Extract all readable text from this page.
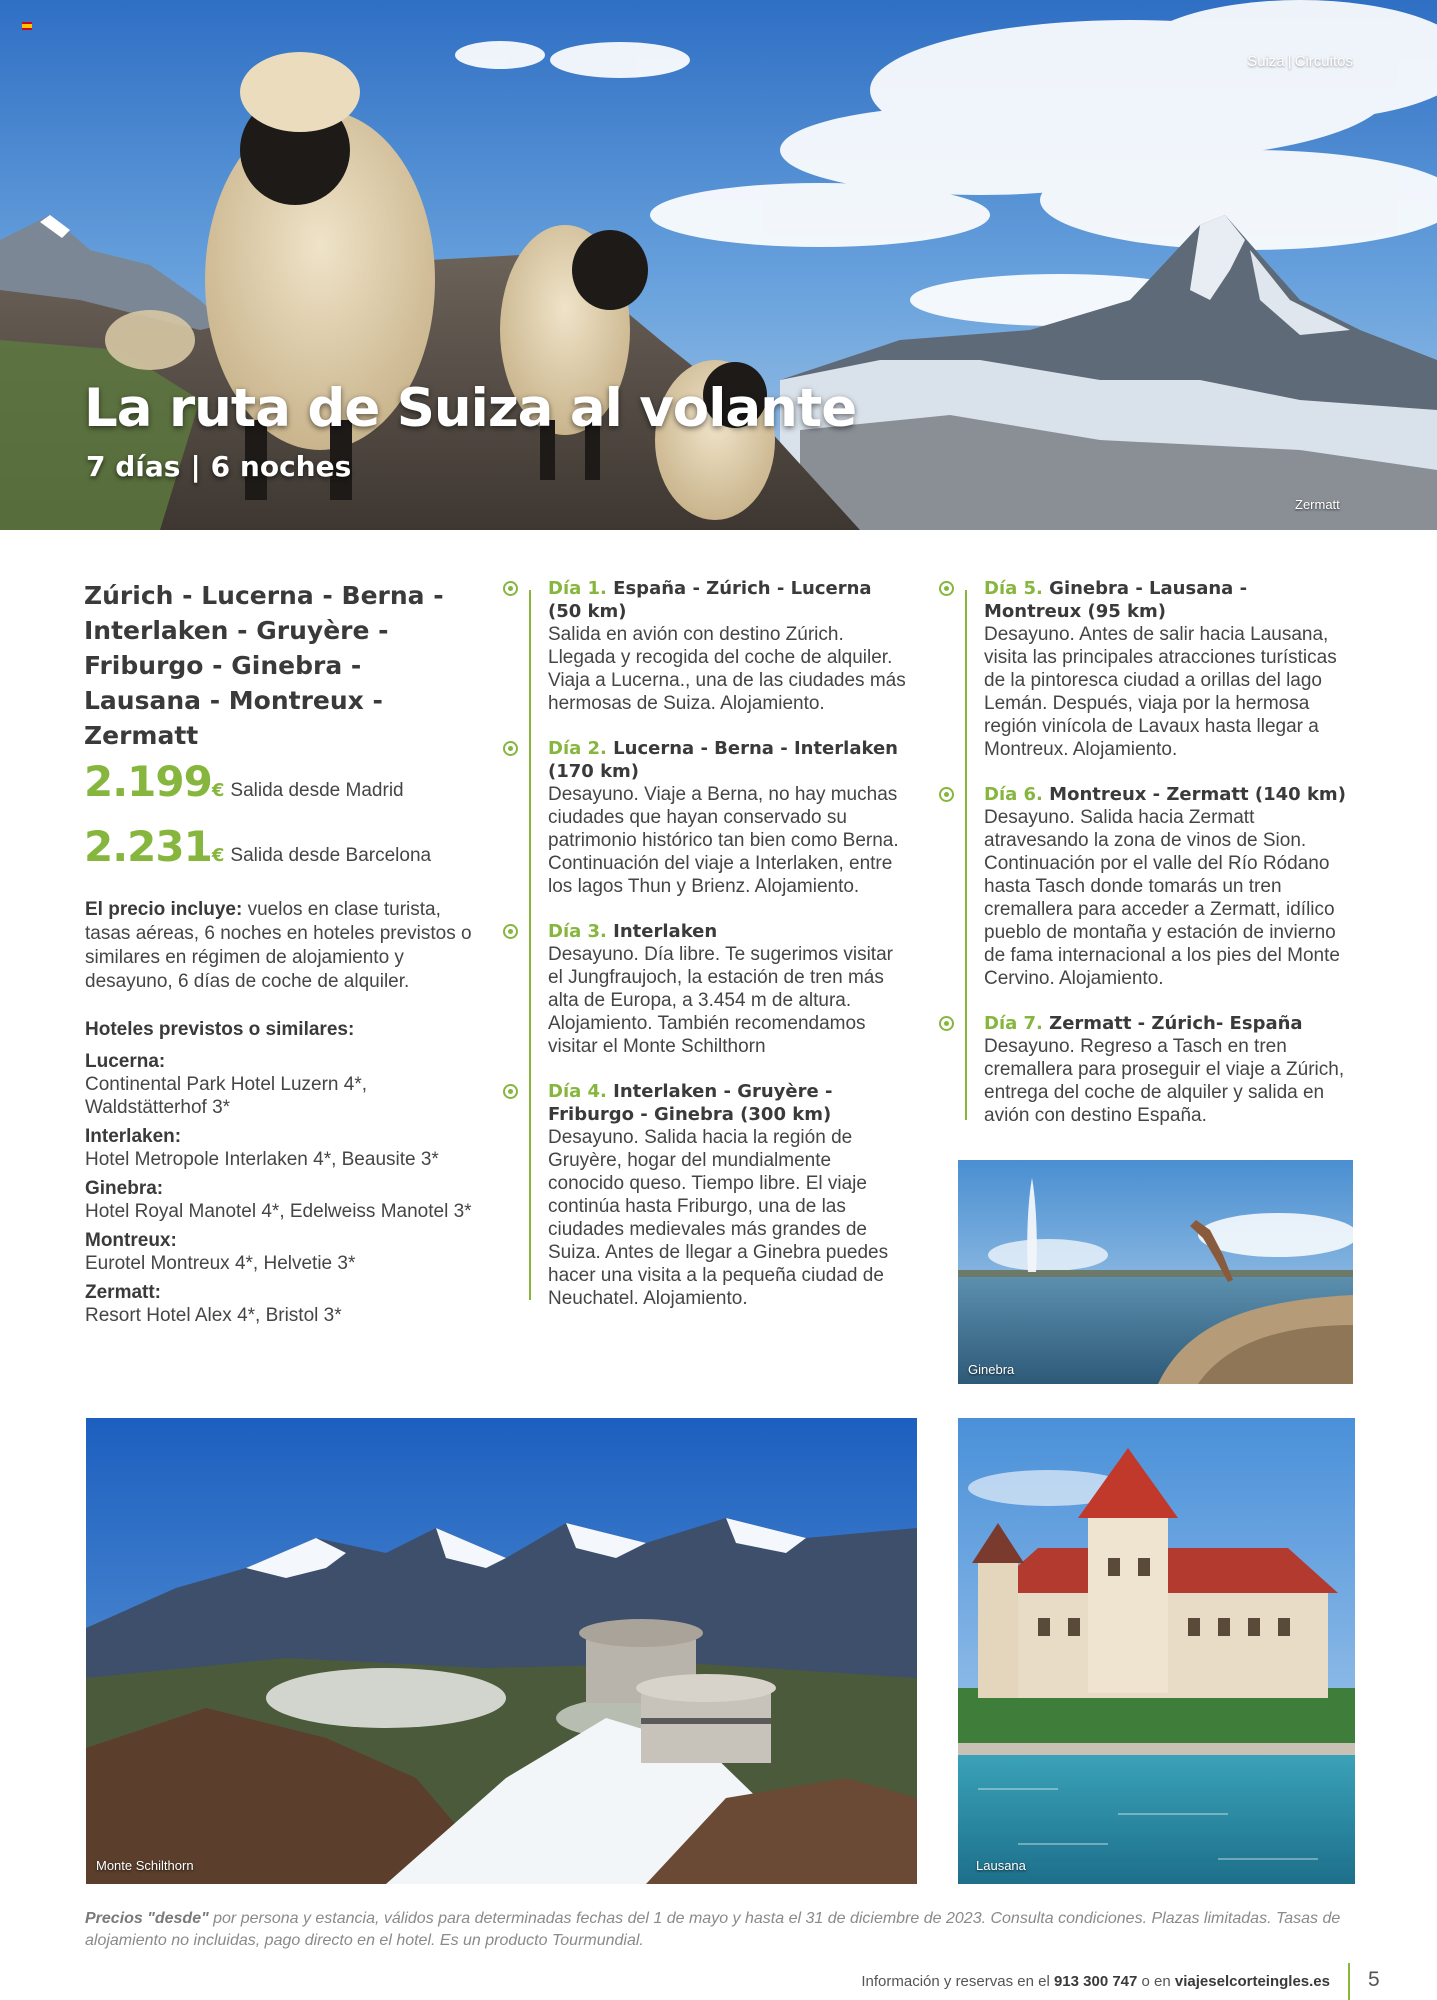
Suiza | Circuitos
La ruta de Suiza al volante
7 días | 6 noches
Zermatt
Zúrich - Lucerna - Berna - Interlaken - Gruyère - Friburgo - Ginebra - Lausana - Montreux - Zermatt
2.199€ Salida desde Madrid
2.231€ Salida desde Barcelona

El precio incluye: vuelos en clase turista, tasas aéreas, 6 noches en hoteles previstos o similares en régimen de alojamiento y desayuno, 6 días de coche de alquiler.

Hoteles previstos o similares:
Lucerna:
Continental Park Hotel Luzern 4*, Waldstätterhof 3*
Interlaken:
Hotel Metropole Interlaken 4*, Beausite 3*
Ginebra:
Hotel Royal Manotel 4*, Edelweiss Manotel 3*
Montreux:
Eurotel Montreux 4*, Helvetie 3*
Zermatt:
Resort Hotel Alex 4*, Bristol 3*
Día 1. España - Zúrich - Lucerna (50 km)
Salida en avión con destino Zúrich. Llegada y recogida del coche de alquiler. Viaja a Lucerna., una de las ciudades más hermosas de Suiza. Alojamiento.
Día 2. Lucerna - Berna - Interlaken (170 km)
Desayuno. Viaje a Berna, no hay muchas ciudades que hayan conservado su patrimonio histórico tan bien como Berna. Continuación del viaje a Interlaken, entre los lagos Thun y Brienz. Alojamiento.
Día 3. Interlaken
Desayuno. Día libre. Te sugerimos visitar el Jungfraujoch, la estación de tren más alta de Europa, a 3.454 m de altura. Alojamiento. También recomendamos visitar el Monte Schilthorn
Día 4. Interlaken - Gruyère - Friburgo - Ginebra (300 km)
Desayuno. Salida hacia la región de Gruyère, hogar del mundialmente conocido queso. Tiempo libre. El viaje continúa hasta Friburgo, una de las ciudades medievales más grandes de Suiza. Antes de llegar a Ginebra puedes hacer una visita a la pequeña ciudad de Neuchatel. Alojamiento.
Día 5. Ginebra - Lausana - Montreux (95 km)
Desayuno. Antes de salir hacia Lausana, visita las principales atracciones turísticas de la pintoresca ciudad a orillas del lago Lemán. Después, viaja por la hermosa región vinícola de Lavaux hasta llegar a Montreux. Alojamiento.
Día 6. Montreux - Zermatt (140 km)
Desayuno. Salida hacia Zermatt atravesando la zona de vinos de Sion. Continuación por el valle del Río Ródano hasta Tasch donde tomarás un tren cremallera para acceder a Zermatt, idílico pueblo de montaña y estación de invierno de fama internacional a los pies del Monte Cervino. Alojamiento.
Día 7. Zermatt - Zúrich- España
Desayuno. Regreso a Tasch en tren cremallera para proseguir el viaje a Zúrich, entrega del coche de alquiler y salida en avión con destino España.
Ginebra
Monte Schilthorn	Lausana

Precios "desde" por persona y estancia, válidos para determinadas fechas del 1 de mayo y hasta el 31 de diciembre de 2023. Consulta condiciones. Plazas limitadas. Tasas de alojamiento no incluidas, pago directo en el hotel. Es un producto Tourmundial.

Información y reservas en el 913 300 747 o en viajeselcorteingles.es 5
